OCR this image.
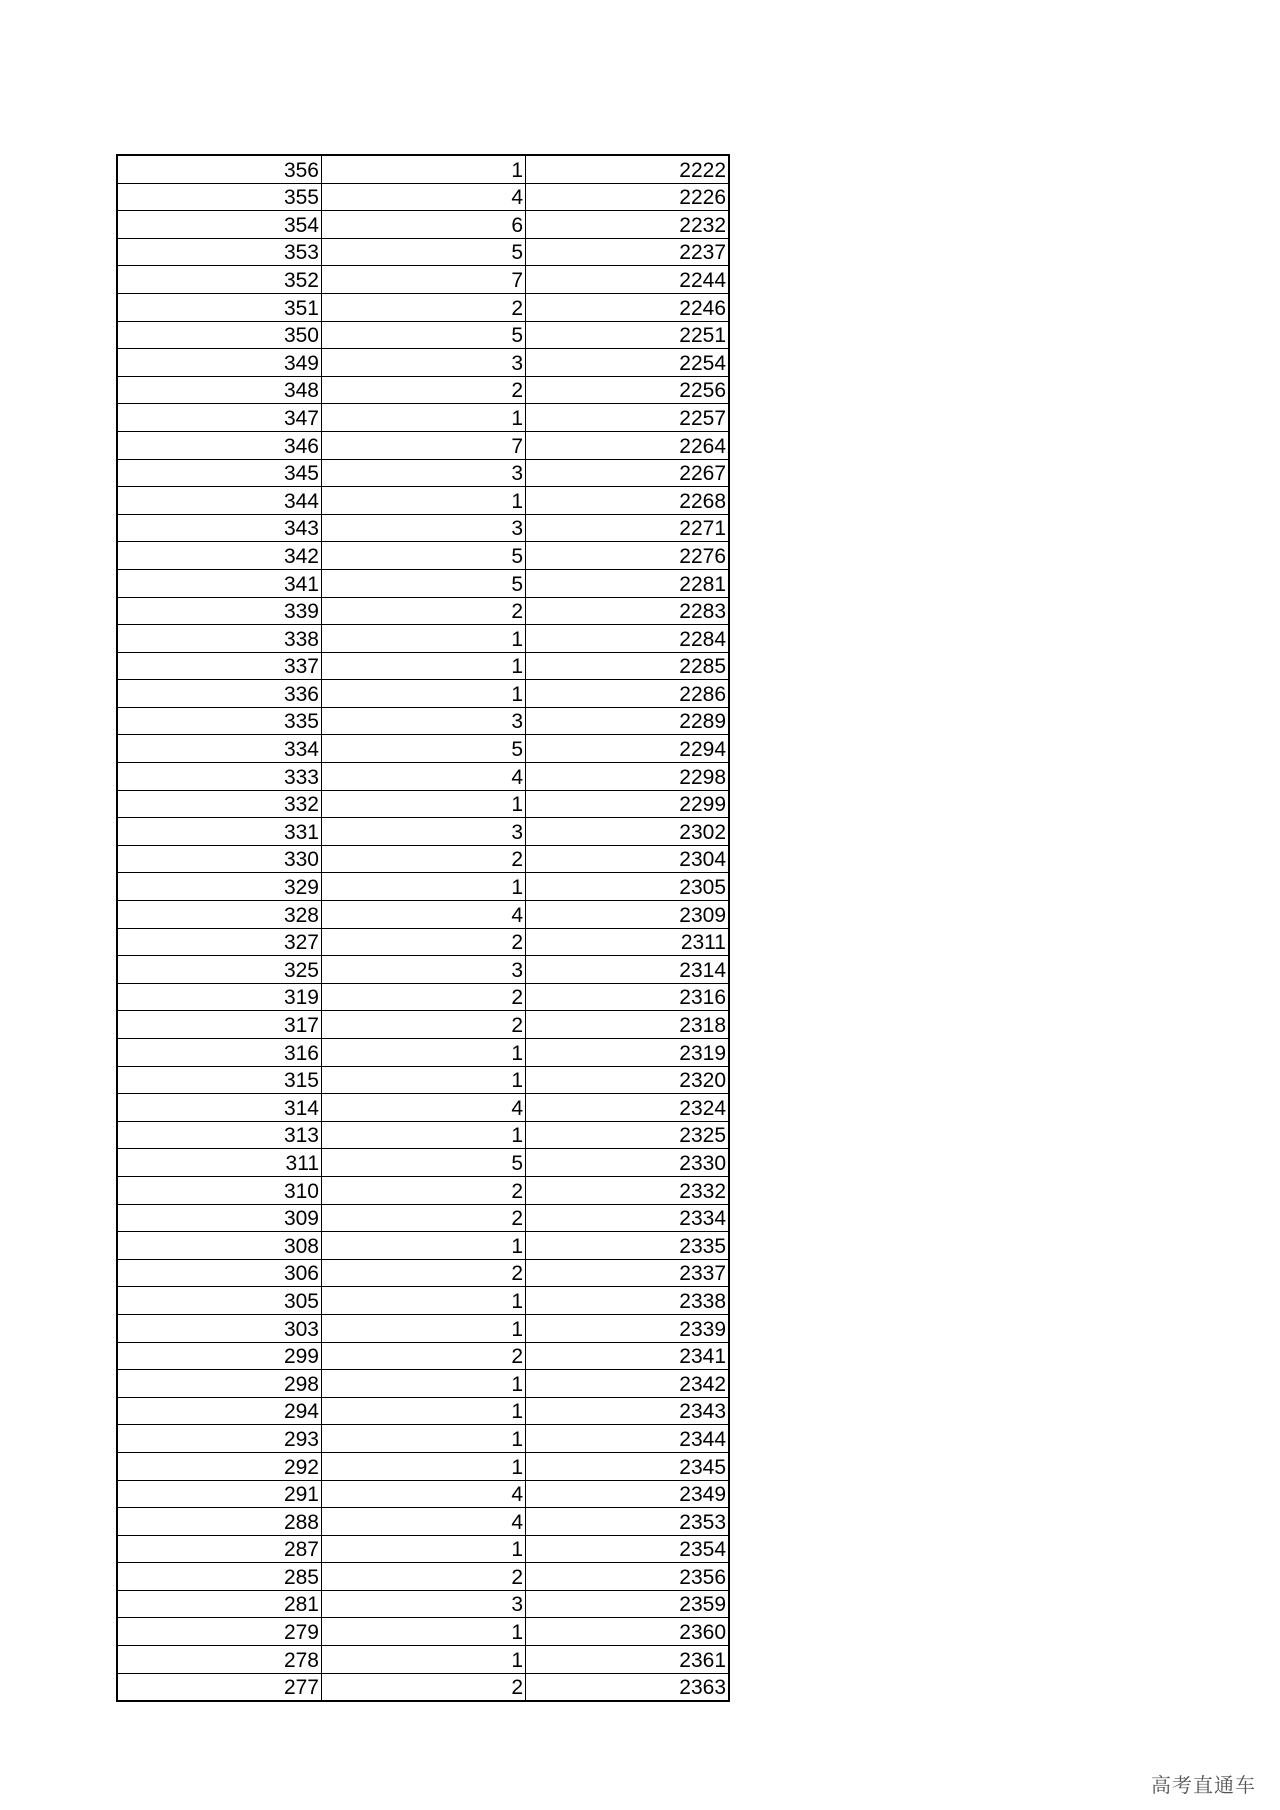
356	1	2222
355	4	2226
354	6	2232
353	5	2237
352	7	2244
351	2	2246
350	5	2251
349	3	2254
348	2	2256
347	1	2257
346	7	2264
345	3	2267
344	1	2268
343	3	2271
342	5	2276
341	5	2281
339	2	2283
338	1	2284
337	1	2285
336	1	2286
335	3	2289
334	5	2294
333	4	2298
332	1	2299
331	3	2302
330	2	2304
329	1	2305
328	4	2309
327	2	2311
325	3	2314
319	2	2316
317	2	2318
316	1	2319
315	1	2320
314	4	2324
313	1	2325
311	5	2330
310	2	2332
309	2	2334
308	1	2335
306	2	2337
305	1	2338
303	1	2339
299	2	2341
298	1	2342
294	1	2343
293	1	2344
292	1	2345
291	4	2349
288	4	2353
287	1	2354
285	2	2356
281	3	2359
279	1	2360
278	1	2361
277	2	2363
高考直通车
